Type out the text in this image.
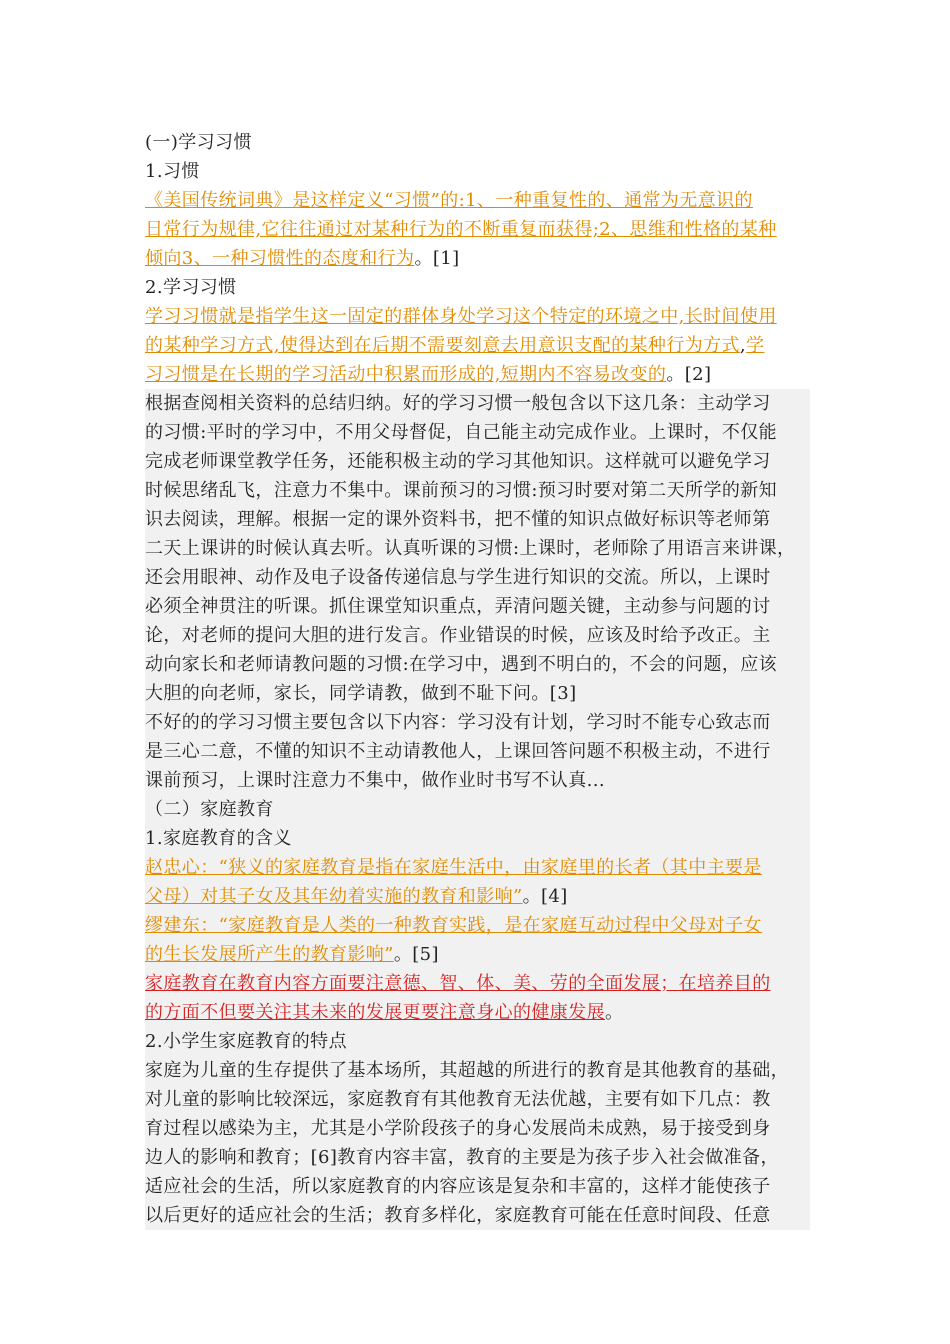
(一)学习习惯
1.习惯
《美国传统词典》是这样定义“习惯”的:1、一种重复性的、通常为无意识的
日常行为规律,它往往通过对某种行为的不断重复而获得;2、思维和性格的某种
倾向3、一种习惯性的态度和行为。[1]
2.学习习惯
学习习惯就是指学生这一固定的群体身处学习这个特定的环境之中,长时间使用
的某种学习方式,使得达到在后期不需要刻意去用意识支配的某种行为方式,学
习习惯是在长期的学习活动中积累而形成的,短期内不容易改变的。[2]
根据查阅相关资料的总结归纳。好的学习习惯一般包含以下这几条：主动学习
的习惯:平时的学习中，不用父母督促，自己能主动完成作业。上课时，不仅能
完成老师课堂教学任务，还能积极主动的学习其他知识。这样就可以避免学习
时候思绪乱飞，注意力不集中。课前预习的习惯:预习时要对第二天所学的新知
识去阅读，理解。根据一定的课外资料书，把不懂的知识点做好标识等老师第
二天上课讲的时候认真去听。认真听课的习惯:上课时，老师除了用语言来讲课，
还会用眼神、动作及电子设备传递信息与学生进行知识的交流。所以，上课时
必须全神贯注的听课。抓住课堂知识重点，弄清问题关键，主动参与问题的讨
论，对老师的提问大胆的进行发言。作业错误的时候，应该及时给予改正。主
动向家长和老师请教问题的习惯:在学习中，遇到不明白的，不会的问题，应该
大胆的向老师，家长，同学请教，做到不耻下问。[3]
不好的的学习习惯主要包含以下内容：学习没有计划，学习时不能专心致志而
是三心二意，不懂的知识不主动请教他人，上课回答问题不积极主动，不进行
课前预习，上课时注意力不集中，做作业时书写不认真...
（二）家庭教育
1.家庭教育的含义
赵忠心：“狭义的家庭教育是指在家庭生活中，由家庭里的长者（其中主要是
父母）对其子女及其年幼着实施的教育和影响”。[4]
缪建东：“家庭教育是人类的一种教育实践，是在家庭互动过程中父母对子女
的生长发展所产生的教育影响”。[5]
家庭教育在教育内容方面要注意德、智、体、美、劳的全面发展；在培养目的
的方面不但要关注其未来的发展更要注意身心的健康发展。
2.小学生家庭教育的特点
家庭为儿童的生存提供了基本场所，其超越的所进行的教育是其他教育的基础，
对儿童的影响比较深远，家庭教育有其他教育无法优越，主要有如下几点：教
育过程以感染为主，尤其是小学阶段孩子的身心发展尚未成熟，易于接受到身
边人的影响和教育；[6]教育内容丰富，教育的主要是为孩子步入社会做准备，
适应社会的生活，所以家庭教育的内容应该是复杂和丰富的，这样才能使孩子
以后更好的适应社会的生活；教育多样化，家庭教育可能在任意时间段、任意
